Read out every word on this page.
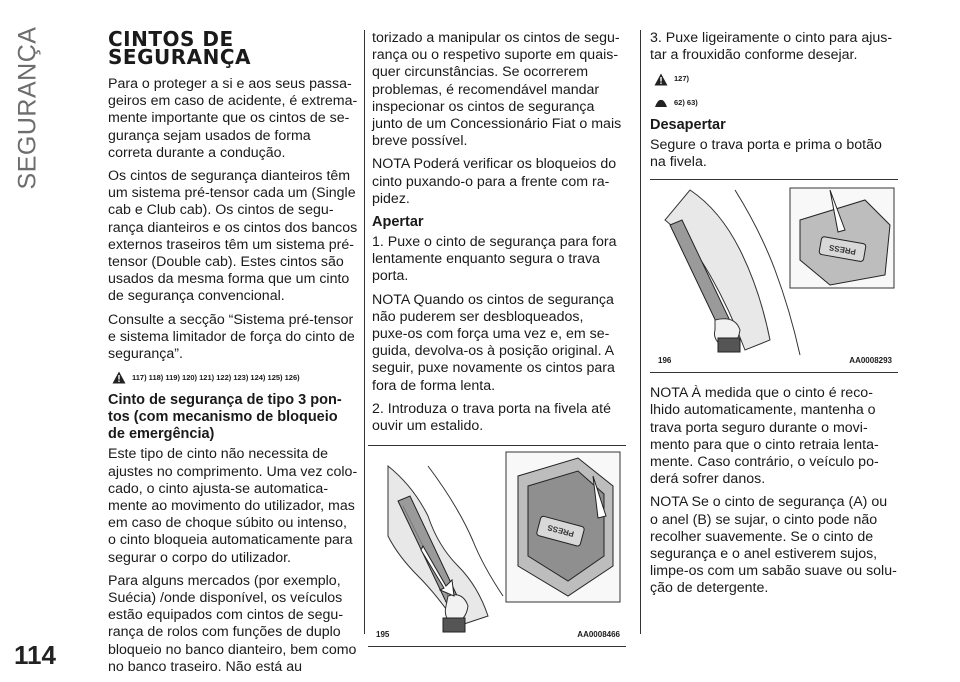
SEGURANÇA
114
CINTOS DE
SEGURANÇA

Para o proteger a si e aos seus passageiros em caso de acidente, é extremamente importante que os cintos de segurança sejam usados de forma correta durante a condução.

Os cintos de segurança dianteiros têm um sistema pré-tensor cada um (Single cab e Club cab). Os cintos de segurança dianteiros e os cintos dos bancos externos traseiros têm um sistema pré-tensor (Double cab). Estes cintos são usados da mesma forma que um cinto de segurança convencional.

Consulte a secção “Sistema pré-tensor e sistema limitador de força do cinto de segurança”.

117) 118) 119) 120) 121) 122) 123) 124) 125) 126)
Cinto de segurança de tipo 3 pontos (com mecanismo de bloqueio de emergência)

Este tipo de cinto não necessita de ajustes no comprimento. Uma vez colocado, o cinto ajusta-se automaticamente ao movimento do utilizador, mas em caso de choque súbito ou intenso, o cinto bloqueia automaticamente para segurar o corpo do utilizador.

Para alguns mercados (por exemplo, Suécia) /onde disponível, os veículos estão equipados com cintos de segurança de rolos com funções de duplo bloqueio no banco dianteiro, bem como no banco traseiro. Não está au

torizado a manipular os cintos de segurança ou o respetivo suporte em quaisquer circunstâncias. Se ocorrerem problemas, é recomendável mandar inspecionar os cintos de segurança junto de um Concessionário Fiat o mais breve possível.

NOTA Poderá verificar os bloqueios do cinto puxando-o para a frente com rapidez.

Apertar

1. Puxe o cinto de segurança para fora lentamente enquanto segura o trava porta.

NOTA Quando os cintos de segurança não puderem ser desbloqueados, puxe-os com força uma vez e, em seguida, devolva-os à posição original. A seguir, puxe novamente os cintos para fora de forma lenta.

2. Introduza o trava porta na fivela até ouvir um estalido.

PRESS
195	AA0008466

3. Puxe ligeiramente o cinto para ajustar a frouxidão conforme desejar.

127)
62) 63)
Desapertar

Segure o trava porta e prima o botão na fivela.

PRESS
196	AA0008293

NOTA À medida que o cinto é recolhido automaticamente, mantenha o trava porta seguro durante o movimento para que o cinto retraia lentamente. Caso contrário, o veículo poderá sofrer danos.

NOTA Se o cinto de segurança (A) ou o anel (B) se sujar, o cinto pode não recolher suavemente. Se o cinto de segurança e o anel estiverem sujos, limpe-os com um sabão suave ou solução de detergente.
